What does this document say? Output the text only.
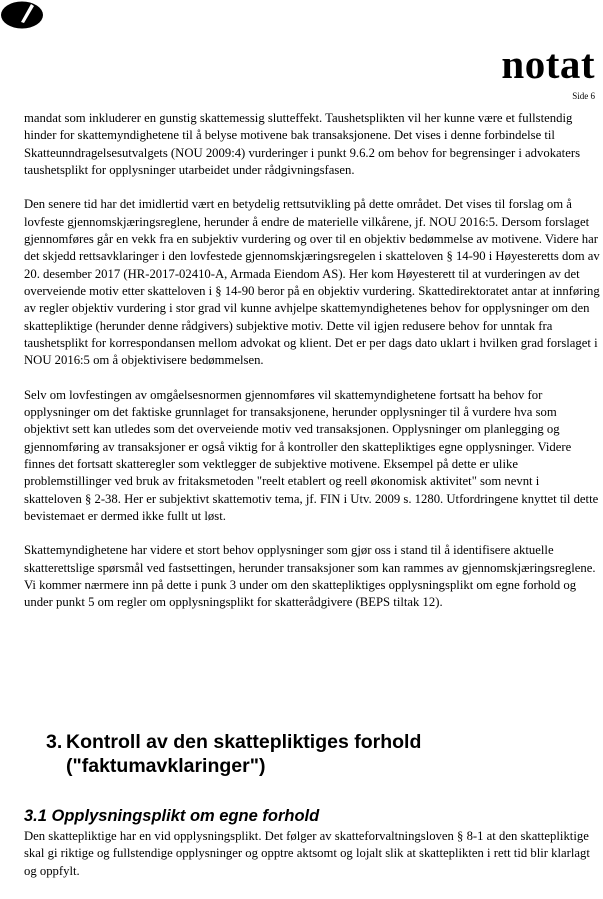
notat
Side 6

mandat som inkluderer en gunstig skattemessig slutteffekt. Taushetsplikten vil her kunne være et fullstendig hinder for skattemyndighetene til å belyse motivene bak transaksjonene. Det vises i denne forbindelse til Skatteunndragelsesutvalgets (NOU 2009:4) vurderinger i punkt 9.6.2 om behov for begrensinger i advokaters taushetsplikt for opplysninger utarbeidet under rådgivningsfasen.

Den senere tid har det imidlertid vært en betydelig rettsutvikling på dette området. Det vises til forslag om å lovfeste gjennomskjæringsreglene, herunder å endre de materielle vilkårene, jf. NOU 2016:5. Dersom forslaget gjennomføres går en vekk fra en subjektiv vurdering og over til en objektiv bedømmelse av motivene. Videre har det skjedd rettsavklaringer i den lovfestede gjennomskjæringsregelen i skatteloven § 14-90 i Høyesteretts dom av 20. desember 2017 (HR-2017-02410-A, Armada Eiendom AS). Her kom Høyesterett til at vurderingen av det overveiende motiv etter skatteloven i § 14-90 beror på en objektiv vurdering. Skattedirektoratet antar at innføring av regler objektiv vurdering i stor grad vil kunne avhjelpe skattemyndighetenes behov for opplysninger om den skattepliktige (herunder denne rådgivers) subjektive motiv. Dette vil igjen redusere behov for unntak fra taushetsplikt for korrespondansen mellom advokat og klient. Det er per dags dato uklart i hvilken grad forslaget i NOU 2016:5 om å objektivisere bedømmelsen.

Selv om lovfestingen av omgåelsesnormen gjennomføres vil skattemyndighetene fortsatt ha behov for opplysninger om det faktiske grunnlaget for transaksjonene, herunder opplysninger til å vurdere hva som objektivt sett kan utledes som det overveiende motiv ved transaksjonen. Opplysninger om planlegging og gjennomføring av transaksjoner er også viktig for å kontroller den skattepliktiges egne opplysninger. Videre finnes det fortsatt skatteregler som vektlegger de subjektive motivene. Eksempel på dette er ulike problemstillinger ved bruk av fritaksmetoden "reelt etablert og reell økonomisk aktivitet" som nevnt i skatteloven § 2-38. Her er subjektivt skattemotiv tema, jf. FIN i Utv. 2009 s. 1280. Utfordringene knyttet til dette bevistemaet er dermed ikke fullt ut løst.

Skattemyndighetene har videre et stort behov opplysninger som gjør oss i stand til å identifisere aktuelle skatterettslige spørsmål ved fastsettingen, herunder transaksjoner som kan rammes av gjennomskjæringsreglene. Vi kommer nærmere inn på dette i punk 3 under om den skattepliktiges opplysningsplikt om egne forhold og under punkt 5 om regler om opplysningsplikt for skatterådgivere (BEPS tiltak 12).

3. Kontroll av den skattepliktiges forhold
("faktumavklaringer")
3.1 Opplysningsplikt om egne forhold

Den skattepliktige har en vid opplysningsplikt. Det følger av skatteforvaltningsloven § 8-1 at den skattepliktige skal gi riktige og fullstendige opplysninger og opptre aktsomt og lojalt slik at skatteplikten i rett tid blir klarlagt og oppfylt.
